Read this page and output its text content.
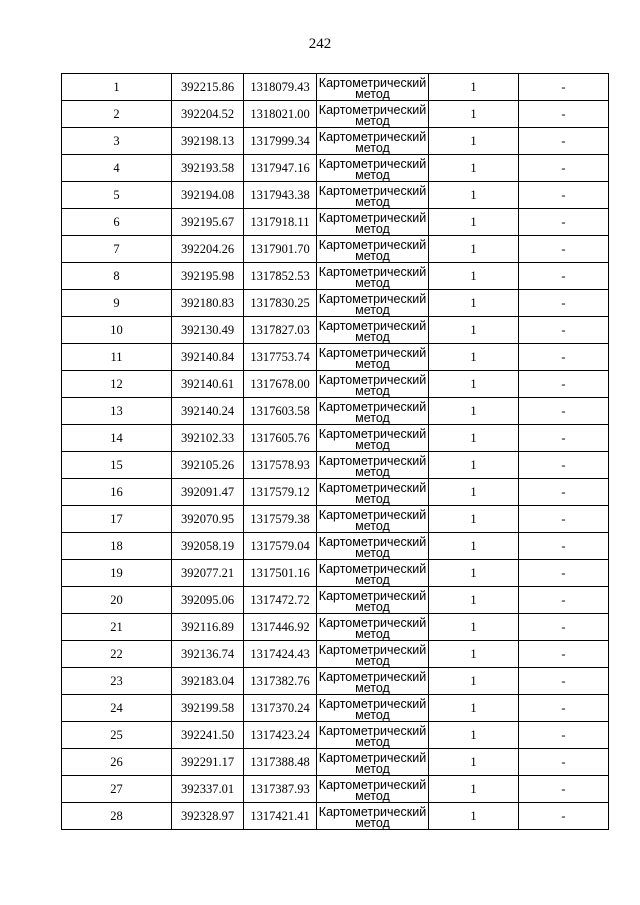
242
1	392215.86	1318079.43	Картометрический
метод	1	-
2	392204.52	1318021.00	Картометрический
метод	1	-
3	392198.13	1317999.34	Картометрический
метод	1	-
4	392193.58	1317947.16	Картометрический
метод	1	-
5	392194.08	1317943.38	Картометрический
метод	1	-
6	392195.67	1317918.11	Картометрический
метод	1	-
7	392204.26	1317901.70	Картометрический
метод	1	-
8	392195.98	1317852.53	Картометрический
метод	1	-
9	392180.83	1317830.25	Картометрический
метод	1	-
10	392130.49	1317827.03	Картометрический
метод	1	-
11	392140.84	1317753.74	Картометрический
метод	1	-
12	392140.61	1317678.00	Картометрический
метод	1	-
13	392140.24	1317603.58	Картометрический
метод	1	-
14	392102.33	1317605.76	Картометрический
метод	1	-
15	392105.26	1317578.93	Картометрический
метод	1	-
16	392091.47	1317579.12	Картометрический
метод	1	-
17	392070.95	1317579.38	Картометрический
метод	1	-
18	392058.19	1317579.04	Картометрический
метод	1	-
19	392077.21	1317501.16	Картометрический
метод	1	-
20	392095.06	1317472.72	Картометрический
метод	1	-
21	392116.89	1317446.92	Картометрический
метод	1	-
22	392136.74	1317424.43	Картометрический
метод	1	-
23	392183.04	1317382.76	Картометрический
метод	1	-
24	392199.58	1317370.24	Картометрический
метод	1	-
25	392241.50	1317423.24	Картометрический
метод	1	-
26	392291.17	1317388.48	Картометрический
метод	1	-
27	392337.01	1317387.93	Картометрический
метод	1	-
28	392328.97	1317421.41	Картометрический
метод	1	-
